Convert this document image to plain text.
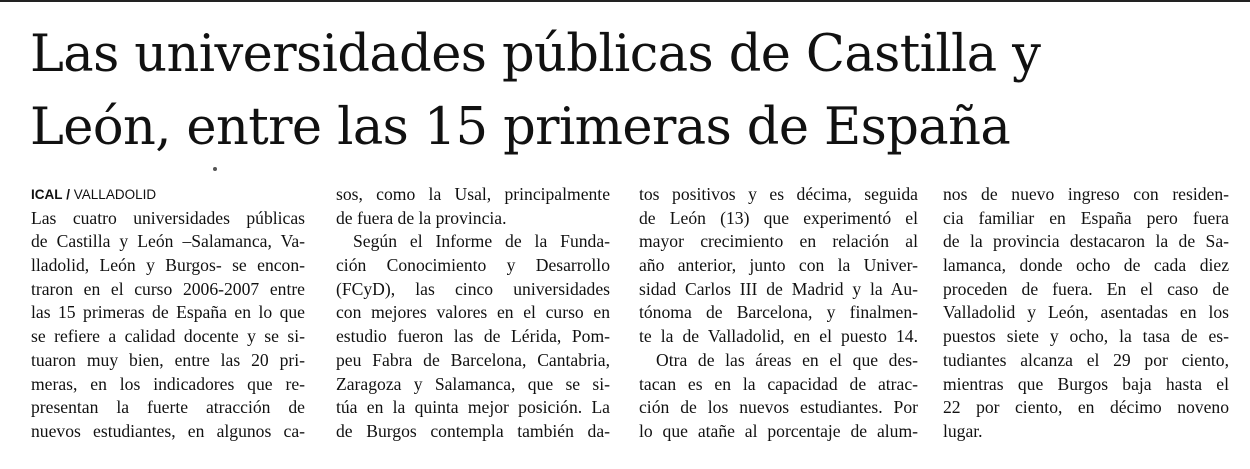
Las universidades públicas de Castilla y
León, entre las 15 primeras de España
ICAL / VALLADOLID
Las cuatro universidades públicas
de Castilla y León –Salamanca, Va-
lladolid, León y Burgos- se encon-
traron en el curso 2006-2007 entre
las 15 primeras de España en lo que
se refiere a calidad docente y se si-
tuaron muy bien, entre las 20 pri-
meras, en los indicadores que re-
presentan la fuerte atracción de
nuevos estudiantes, en algunos ca-
sos, como la Usal, principalmente
de fuera de la provincia.
Según el Informe de la Funda-
ción Conocimiento y Desarrollo
(FCyD), las cinco universidades
con mejores valores en el curso en
estudio fueron las de Lérida, Pom-
peu Fabra de Barcelona, Cantabria,
Zaragoza y Salamanca, que se si-
túa en la quinta mejor posición. La
de Burgos contempla también da-
tos positivos y es décima, seguida
de León (13) que experimentó el
mayor crecimiento en relación al
año anterior, junto con la Univer-
sidad Carlos III de Madrid y la Au-
tónoma de Barcelona, y finalmen-
te la de Valladolid, en el puesto 14.
Otra de las áreas en el que des-
tacan es en la capacidad de atrac-
ción de los nuevos estudiantes. Por
lo que atañe al porcentaje de alum-
nos de nuevo ingreso con residen-
cia familiar en España pero fuera
de la provincia destacaron la de Sa-
lamanca, donde ocho de cada diez
proceden de fuera. En el caso de
Valladolid y León, asentadas en los
puestos siete y ocho, la tasa de es-
tudiantes alcanza el 29 por ciento,
mientras que Burgos baja hasta el
22 por ciento, en décimo noveno
lugar.
